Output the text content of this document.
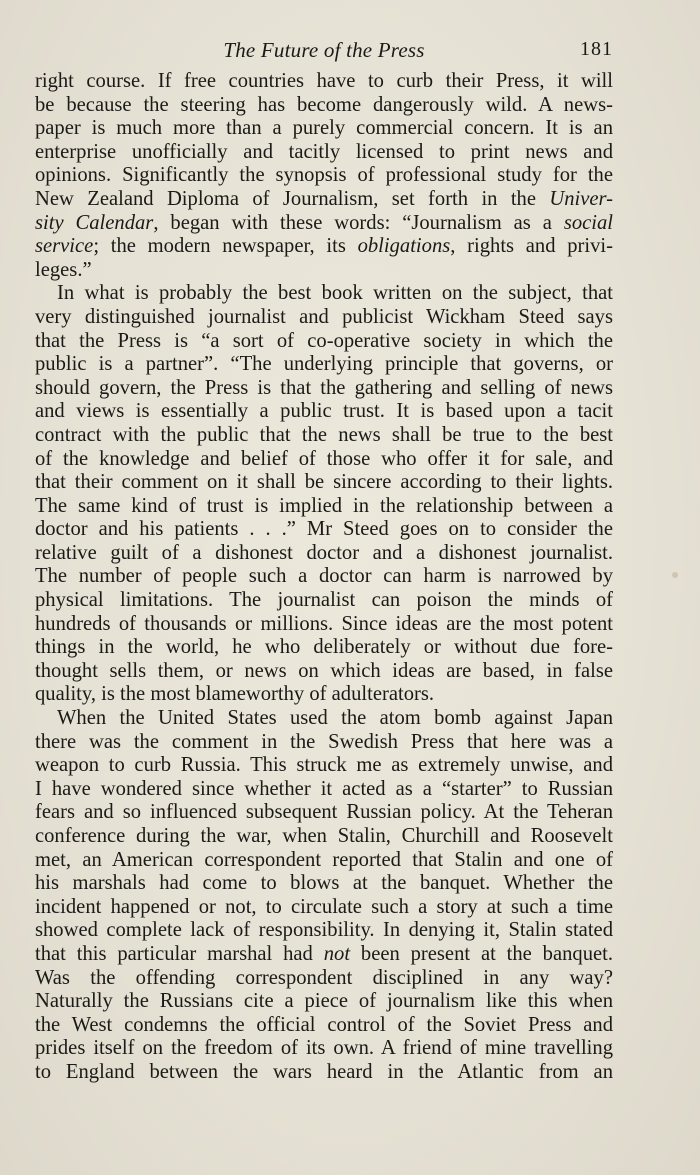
The Future of the Press	181
right course. If free countries have to curb their Press, it will
be because the steering has become dangerously wild. A news-
paper is much more than a purely commercial concern. It is an
enterprise unofficially and tacitly licensed to print news and
opinions. Significantly the synopsis of professional study for the
New Zealand Diploma of Journalism, set forth in the Univer-
sity Calendar, began with these words: “Journalism as a social
service; the modern newspaper, its obligations, rights and privi-
leges.”
In what is probably the best book written on the subject, that
very distinguished journalist and publicist Wickham Steed says
that the Press is “a sort of co-operative society in which the
public is a partner”. “The underlying principle that governs, or
should govern, the Press is that the gathering and selling of news
and views is essentially a public trust. It is based upon a tacit
contract with the public that the news shall be true to the best
of the knowledge and belief of those who offer it for sale, and
that their comment on it shall be sincere according to their lights.
The same kind of trust is implied in the relationship between a
doctor and his patients . . .” Mr Steed goes on to consider the
relative guilt of a dishonest doctor and a dishonest journalist.
The number of people such a doctor can harm is narrowed by
physical limitations. The journalist can poison the minds of
hundreds of thousands or millions. Since ideas are the most potent
things in the world, he who deliberately or without due fore-
thought sells them, or news on which ideas are based, in false
quality, is the most blameworthy of adulterators.
When the United States used the atom bomb against Japan
there was the comment in the Swedish Press that here was a
weapon to curb Russia. This struck me as extremely unwise, and
I have wondered since whether it acted as a “starter” to Russian
fears and so influenced subsequent Russian policy. At the Teheran
conference during the war, when Stalin, Churchill and Roosevelt
met, an American correspondent reported that Stalin and one of
his marshals had come to blows at the banquet. Whether the
incident happened or not, to circulate such a story at such a time
showed complete lack of responsibility. In denying it, Stalin stated
that this particular marshal had not been present at the banquet.
Was the offending correspondent disciplined in any way?
Naturally the Russians cite a piece of journalism like this when
the West condemns the official control of the Soviet Press and
prides itself on the freedom of its own. A friend of mine travelling
to England between the wars heard in the Atlantic from an
